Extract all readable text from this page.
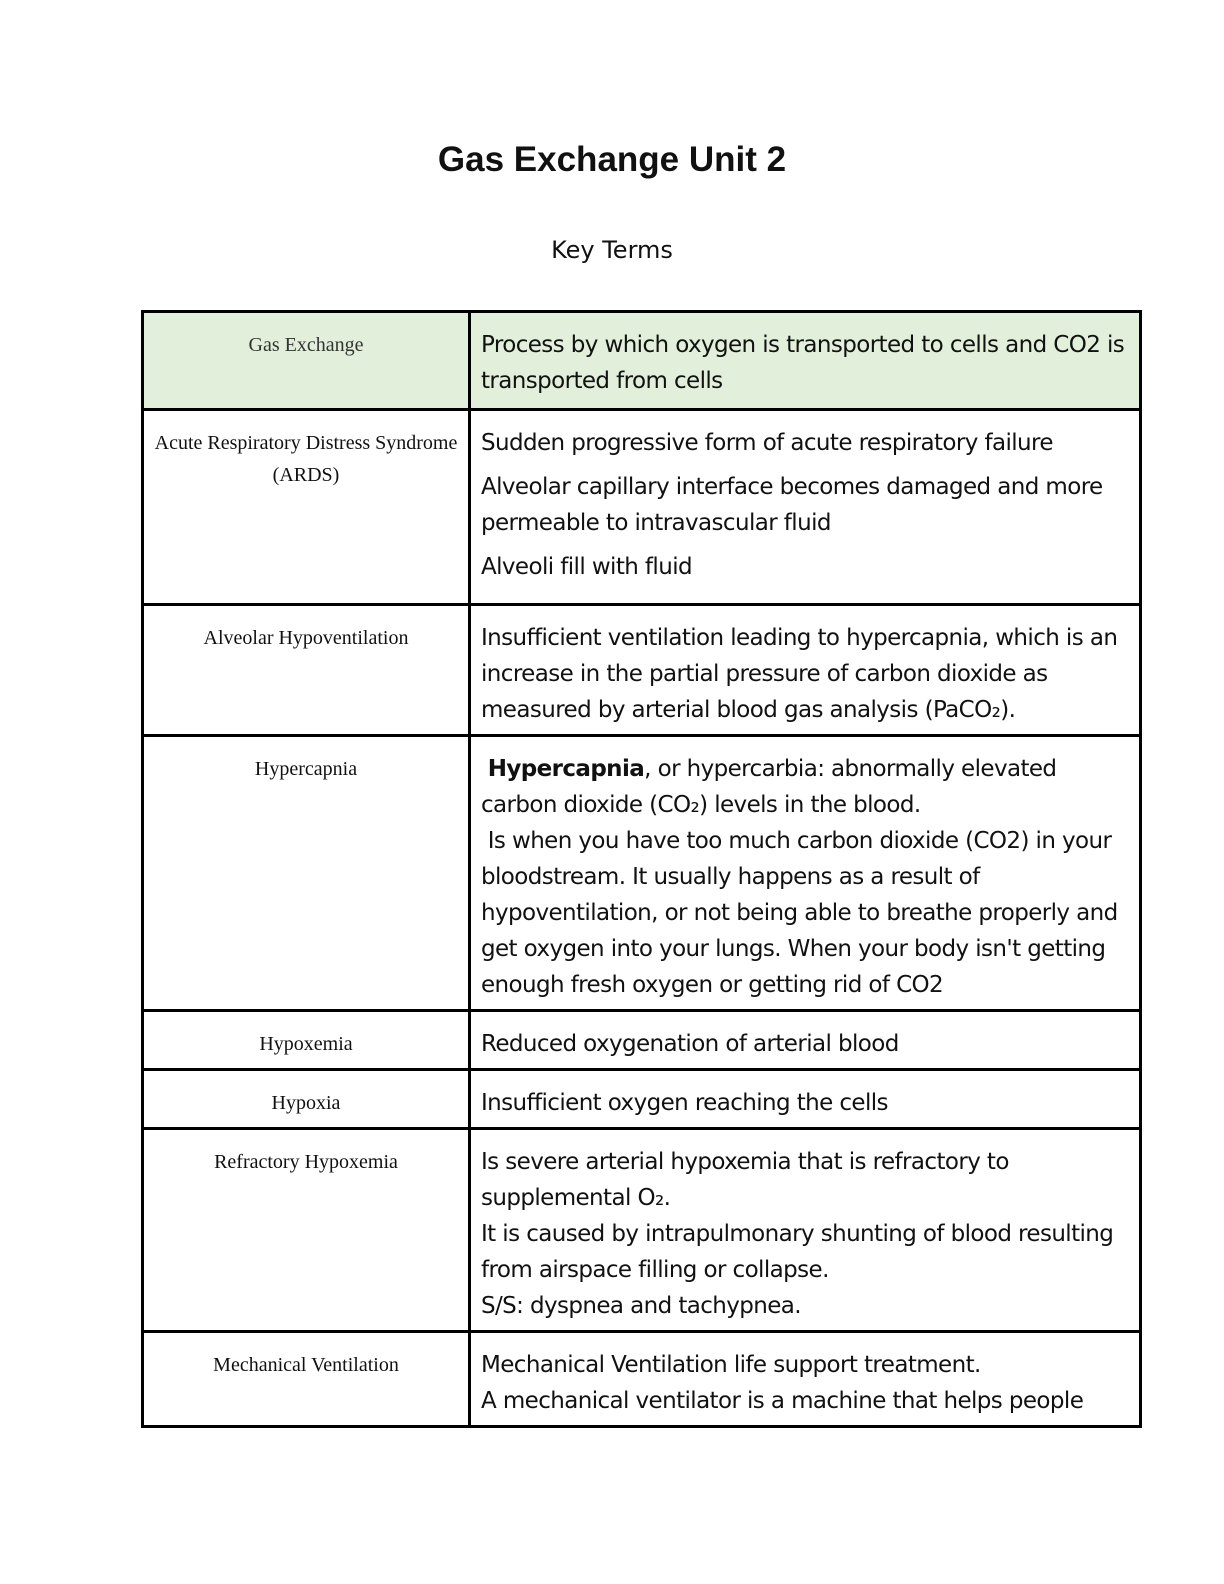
Gas Exchange Unit 2
Key Terms
Gas Exchange	Process by which oxygen is transported to cells and CO2 is transported from cells

Acute Respiratory Distress Syndrome (ARDS)	Sudden progressive form of acute respiratory failure

Alveolar capillary interface becomes damaged and more permeable to intravascular fluid

Alveoli fill with fluid

Alveolar Hypoventilation	Insufficient ventilation leading to hypercapnia, which is an increase in the partial pressure of carbon dioxide as measured by arterial blood gas analysis (PaCO₂).

Hypercapnia	Hypercapnia, or hypercarbia: abnormally elevated carbon dioxide (CO₂) levels in the blood.

Is when you have too much carbon dioxide (CO2) in your bloodstream. It usually happens as a result of hypoventilation, or not being able to breathe properly and get oxygen into your lungs. When your body isn't getting enough fresh oxygen or getting rid of CO2

Hypoxemia	Reduced oxygenation of arterial blood

Hypoxia	Insufficient oxygen reaching the cells

Refractory Hypoxemia	Is severe arterial hypoxemia that is refractory to supplemental O₂.

It is caused by intrapulmonary shunting of blood resulting from airspace filling or collapse.

S/S: dyspnea and tachypnea.

Mechanical Ventilation	Mechanical Ventilation life support treatment.

A mechanical ventilator is a machine that helps people
